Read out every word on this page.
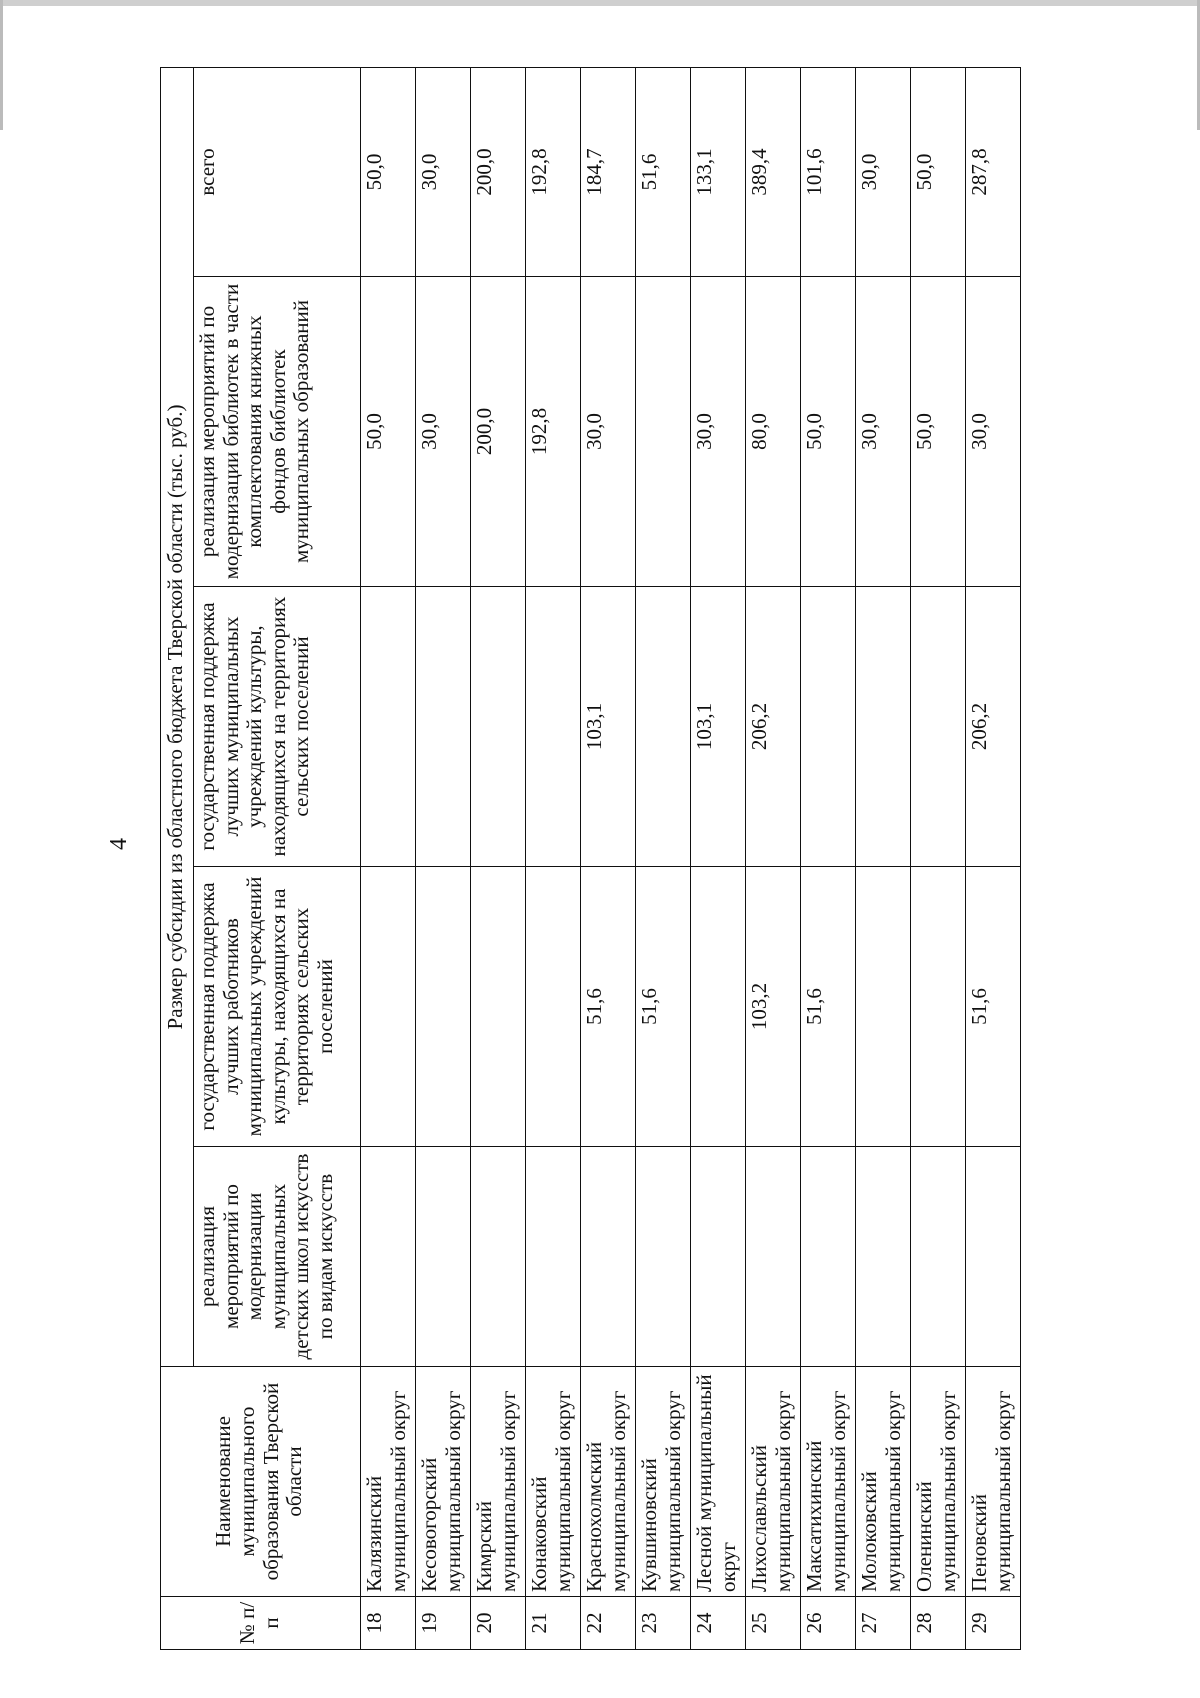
4
№ п/п	Наименование муниципального образования Тверской области	Размер субсидии из областного бюджета Тверской области (тыс. руб.)				
		реализация мероприятий по модернизации муниципальных детских школ искусств по видам искусств	государственная поддержка лучших работников муниципальных учреждений культуры, находящихся на территориях сельских поселений	государственная поддержка лучших муниципальных учреждений культуры, находящихся на территориях сельских поселений	реализация мероприятий по модернизации библиотек в части комплектования книжных фондов библиотек муниципальных образований	всего
18	Калязинский муниципальный округ				50,0	50,0
19	Кесовогорский муниципальный округ				30,0	30,0
20	Кимрский муниципальный округ				200,0	200,0
21	Конаковский муниципальный округ				192,8	192,8
22	Краснохолмский муниципальный округ		51,6	103,1	30,0	184,7
23	Кувшиновский муниципальный округ		51,6			51,6
24	Лесной муниципальный округ			103,1	30,0	133,1
25	Лихославльский муниципальный округ		103,2	206,2	80,0	389,4
26	Максатихинский муниципальный округ		51,6		50,0	101,6
27	Молоковский муниципальный округ				30,0	30,0
28	Оленинский муниципальный округ				50,0	50,0
29	Пеновский муниципальный округ		51,6	206,2	30,0	287,8
